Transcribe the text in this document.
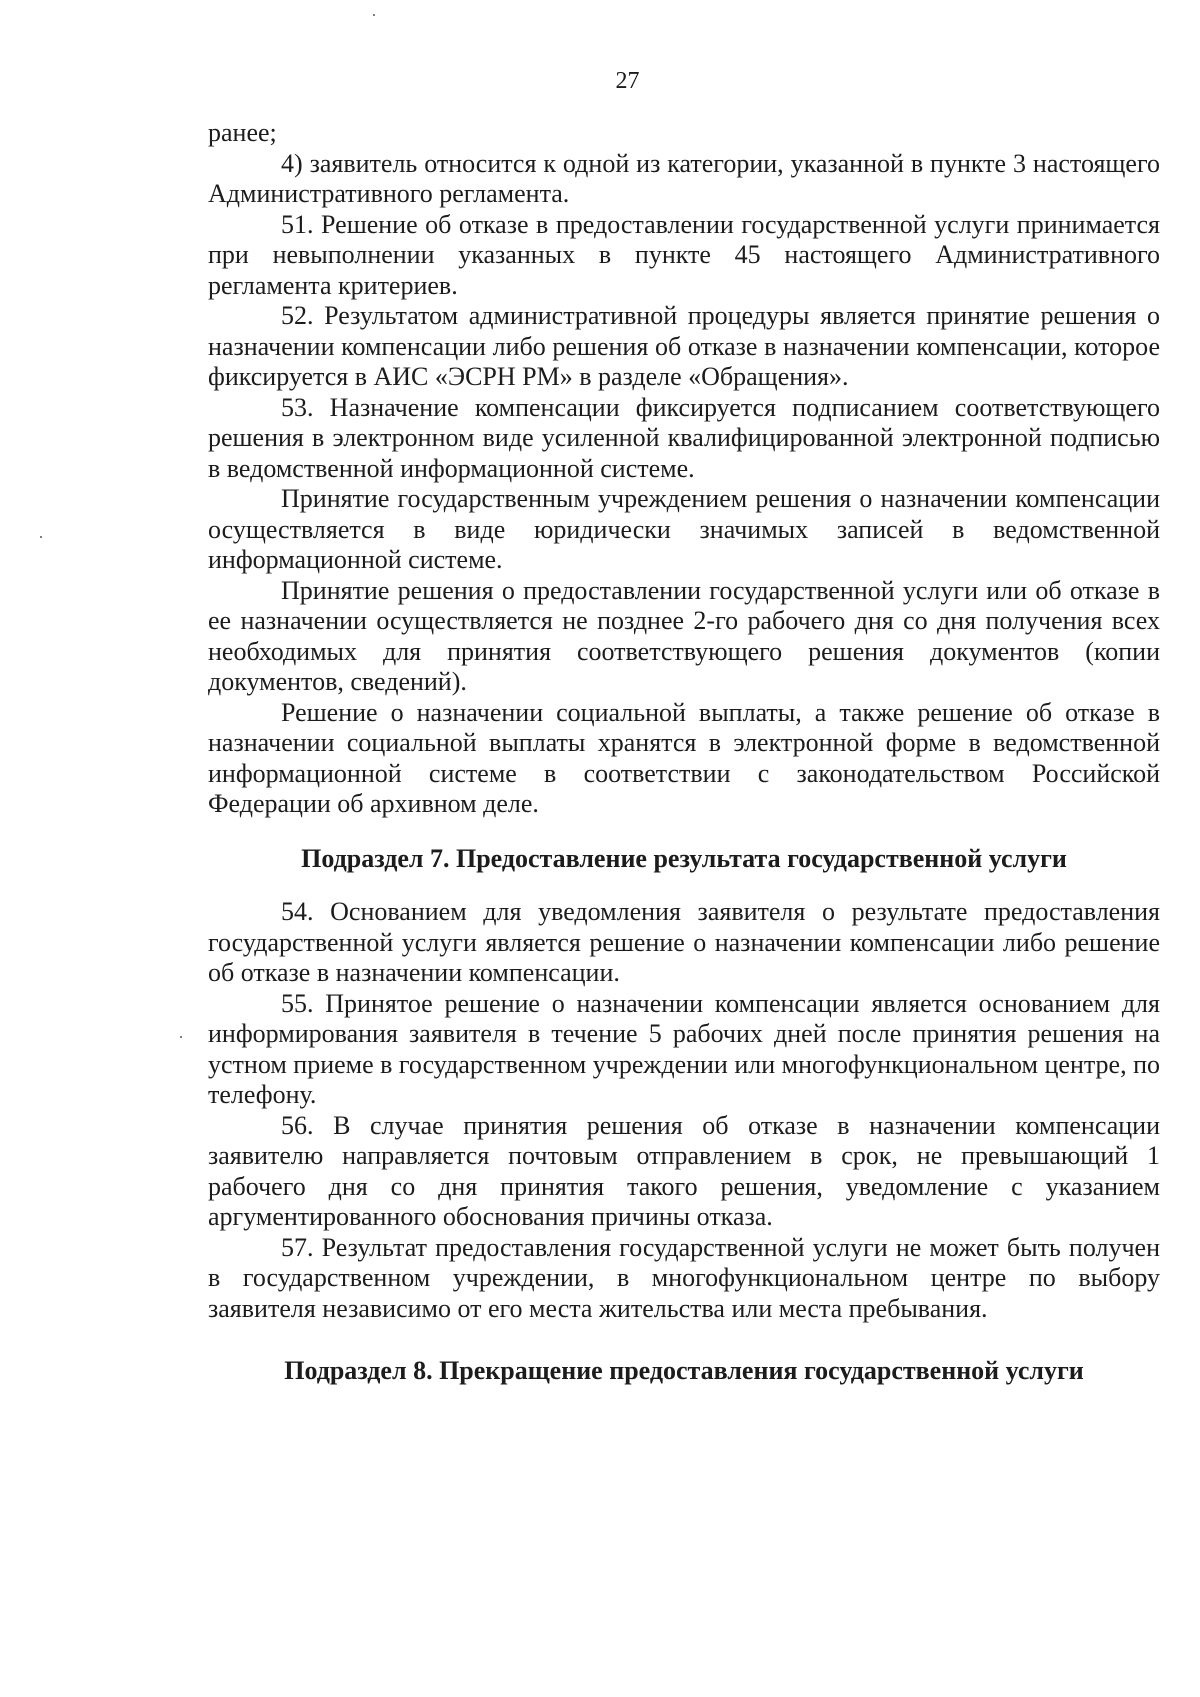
27

ранее;

4) заявитель относится к одной из категории, указанной в пункте 3 настоящего Административного регламента.

51. Решение об отказе в предоставлении государственной услуги принимается при невыполнении указанных в пункте 45 настоящего Административного регламента критериев.

52. Результатом административной процедуры является принятие решения о назначении компенсации либо решения об отказе в назначении компенсации, которое фиксируется в АИС «ЭСРН РМ» в разделе «Обращения».

53. Назначение компенсации фиксируется подписанием соответствующего решения в электронном виде усиленной квалифицированной электронной подписью в ведомственной информационной системе.

Принятие государственным учреждением решения о назначении компенсации осуществляется в виде юридически значимых записей в ведомственной информационной системе.

Принятие решения о предоставлении государственной услуги или об отказе в ее назначении осуществляется не позднее 2-го рабочего дня со дня получения всех необходимых для принятия соответствующего решения документов (копии документов, сведений).

Решение о назначении социальной выплаты, а также решение об отказе в назначении социальной выплаты хранятся в электронной форме в ведомственной информационной системе в соответствии с законодательством Российской Федерации об архивном деле.

Подраздел 7. Предоставление результата государственной услуги

54. Основанием для уведомления заявителя о результате предоставления государственной услуги является решение о назначении компенсации либо решение об отказе в назначении компенсации.

55. Принятое решение о назначении компенсации является основанием для информирования заявителя в течение 5 рабочих дней после принятия решения на устном приеме в государственном учреждении или многофункциональном центре, по телефону.

56. В случае принятия решения об отказе в назначении компенсации заявителю направляется почтовым отправлением в срок, не превышающий 1 рабочего дня со дня принятия такого решения, уведомление с указанием аргументированного обоснования причины отказа.

57. Результат предоставления государственной услуги не может быть получен в государственном учреждении, в многофункциональном центре по выбору заявителя независимо от его места жительства или места пребывания.

Подраздел 8. Прекращение предоставления государственной услуги
